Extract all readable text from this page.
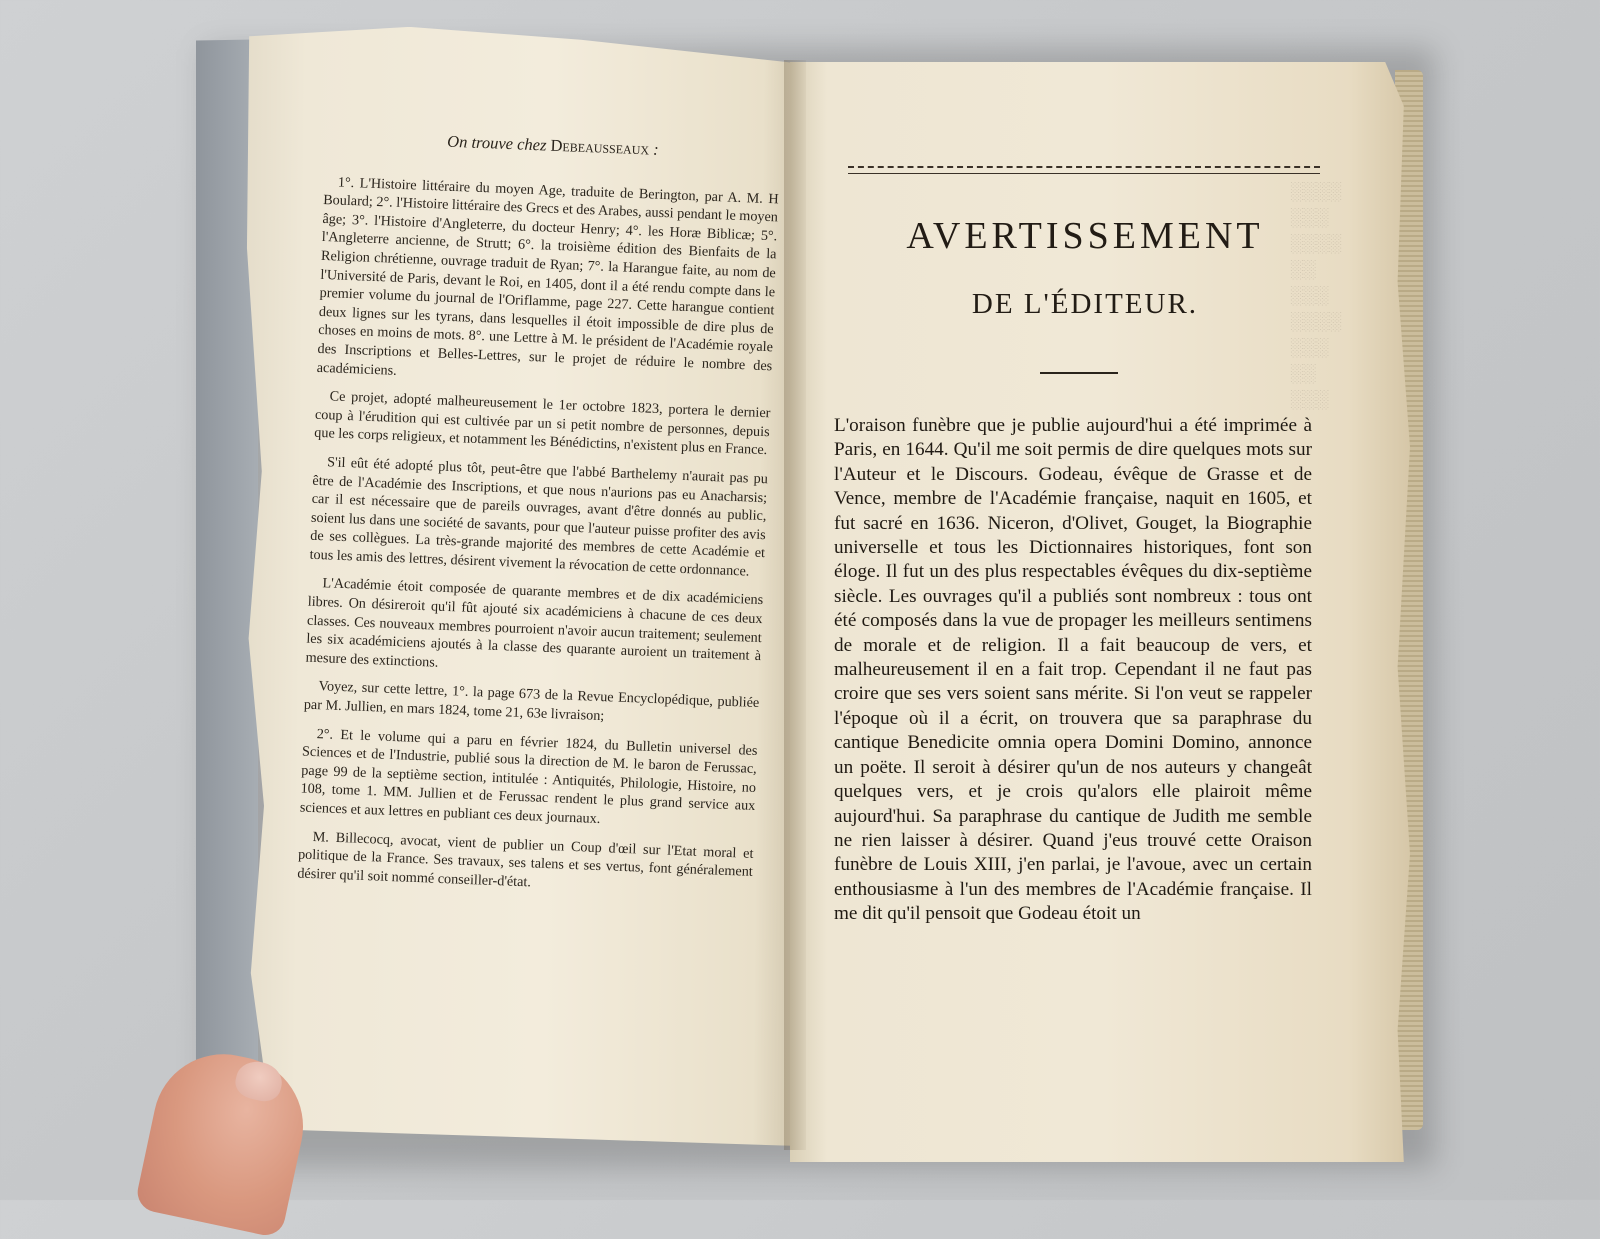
░░░░
░░░
░░░░
░░
░░░
░░░░
░░░
░░
░░░
On trouve chez Debeausseaux :

1°. L'Histoire littéraire du moyen Age, traduite de Berington, par A. M. H Boulard; 2°. l'Histoire littéraire des Grecs et des Arabes, aussi pendant le moyen âge; 3°. l'Histoire d'Angleterre, du docteur Henry; 4°. les Horæ Biblicæ; 5°. l'Angleterre ancienne, de Strutt; 6°. la troisième édition des Bienfaits de la Religion chrétienne, ouvrage traduit de Ryan; 7°. la Harangue faite, au nom de l'Université de Paris, devant le Roi, en 1405, dont il a été rendu compte dans le premier volume du journal de l'Oriflamme, page 227. Cette harangue contient deux lignes sur les tyrans, dans lesquelles il étoit impossible de dire plus de choses en moins de mots. 8°. une Lettre à M. le président de l'Académie royale des Inscriptions et Belles-Lettres, sur le projet de réduire le nombre des académiciens.

Ce projet, adopté malheureusement le 1er octobre 1823, portera le dernier coup à l'érudition qui est cultivée par un si petit nombre de personnes, depuis que les corps religieux, et notamment les Bénédictins, n'existent plus en France.

S'il eût été adopté plus tôt, peut-être que l'abbé Barthelemy n'aurait pas pu être de l'Académie des Inscriptions, et que nous n'aurions pas eu Anacharsis; car il est nécessaire que de pareils ouvrages, avant d'être donnés au public, soient lus dans une société de savants, pour que l'auteur puisse profiter des avis de ses collègues. La très-grande majorité des membres de cette Académie et tous les amis des lettres, désirent vivement la révocation de cette ordonnance.

L'Académie étoit composée de quarante membres et de dix académiciens libres. On désireroit qu'il fût ajouté six académiciens à chacune de ces deux classes. Ces nouveaux membres pourroient n'avoir aucun traitement; seulement les six académiciens ajoutés à la classe des quarante auroient un traitement à mesure des extinctions.

Voyez, sur cette lettre, 1°. la page 673 de la Revue Encyclopédique, publiée par M. Jullien, en mars 1824, tome 21, 63e livraison;

2°. Et le volume qui a paru en février 1824, du Bulletin universel des Sciences et de l'Industrie, publié sous la direction de M. le baron de Ferussac, page 99 de la septième section, intitulée : Antiquités, Philologie, Histoire, no 108, tome 1. MM. Jullien et de Ferussac rendent le plus grand service aux sciences et aux lettres en publiant ces deux journaux.

M. Billecocq, avocat, vient de publier un Coup d'œil sur l'Etat moral et politique de la France. Ses travaux, ses talens et ses vertus, font généralement désirer qu'il soit nommé conseiller-d'état.

AVERTISSEMENT
DE L'ÉDITEUR.

L'oraison funèbre que je publie aujourd'hui a été imprimée à Paris, en 1644. Qu'il me soit permis de dire quelques mots sur l'Auteur et le Discours. Godeau, évêque de Grasse et de Vence, membre de l'Académie française, naquit en 1605, et fut sacré en 1636. Niceron, d'Olivet, Gouget, la Biographie universelle et tous les Dictionnaires historiques, font son éloge. Il fut un des plus respectables évêques du dix-septième siècle. Les ouvrages qu'il a publiés sont nombreux : tous ont été composés dans la vue de propager les meilleurs sentimens de morale et de religion. Il a fait beaucoup de vers, et malheureusement il en a fait trop. Cependant il ne faut pas croire que ses vers soient sans mérite. Si l'on veut se rappeler l'époque où il a écrit, on trouvera que sa paraphrase du cantique Benedicite omnia opera Domini Domino, annonce un poëte. Il seroit à désirer qu'un de nos auteurs y changeât quelques vers, et je crois qu'alors elle plairoit même aujourd'hui. Sa paraphrase du cantique de Judith me semble ne rien laisser à désirer. Quand j'eus trouvé cette Oraison funèbre de Louis XIII, j'en parlai, je l'avoue, avec un certain enthousiasme à l'un des membres de l'Académie française. Il me dit qu'il pensoit que Godeau étoit un
